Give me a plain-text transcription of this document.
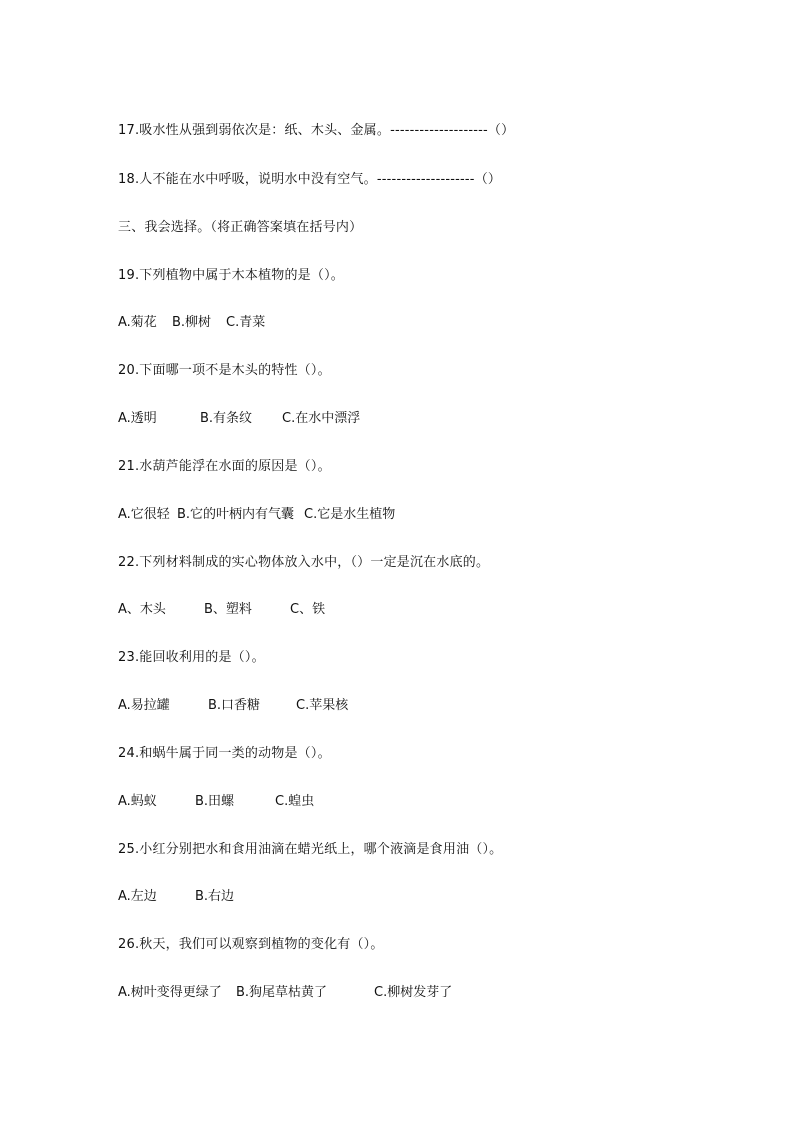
17.吸水性从强到弱依次是：纸、木头、金属。--------------------（）
18.人不能在水中呼吸，说明水中没有空气。--------------------（）
三、我会选择。（将正确答案填在括号内）
19.下列植物中属于木本植物的是（）。
A.菊花 B.柳树 C.青菜
20.下面哪一项不是木头的特性（）。
A.透明	B.有条纹 C.在水中漂浮
21.水葫芦能浮在水面的原因是（）。
A.它很轻 B.它的叶柄内有气囊 C.它是水生植物
22.下列材料制成的实心物体放入水中，（）一定是沉在水底的。
A、木头	B、塑料	C、铁
23.能回收利用的是（）。
A.易拉罐	B.口香糖	C.苹果核
24.和蜗牛属于同一类的动物是（）。
A.蚂蚁	B.田螺	C.蝗虫
25.小红分别把水和食用油滴在蜡光纸上，哪个液滴是食用油（）。
A.左边	B.右边
26.秋天，我们可以观察到植物的变化有（）。
A.树叶变得更绿了 B.狗尾草枯黄了	C.柳树发芽了
